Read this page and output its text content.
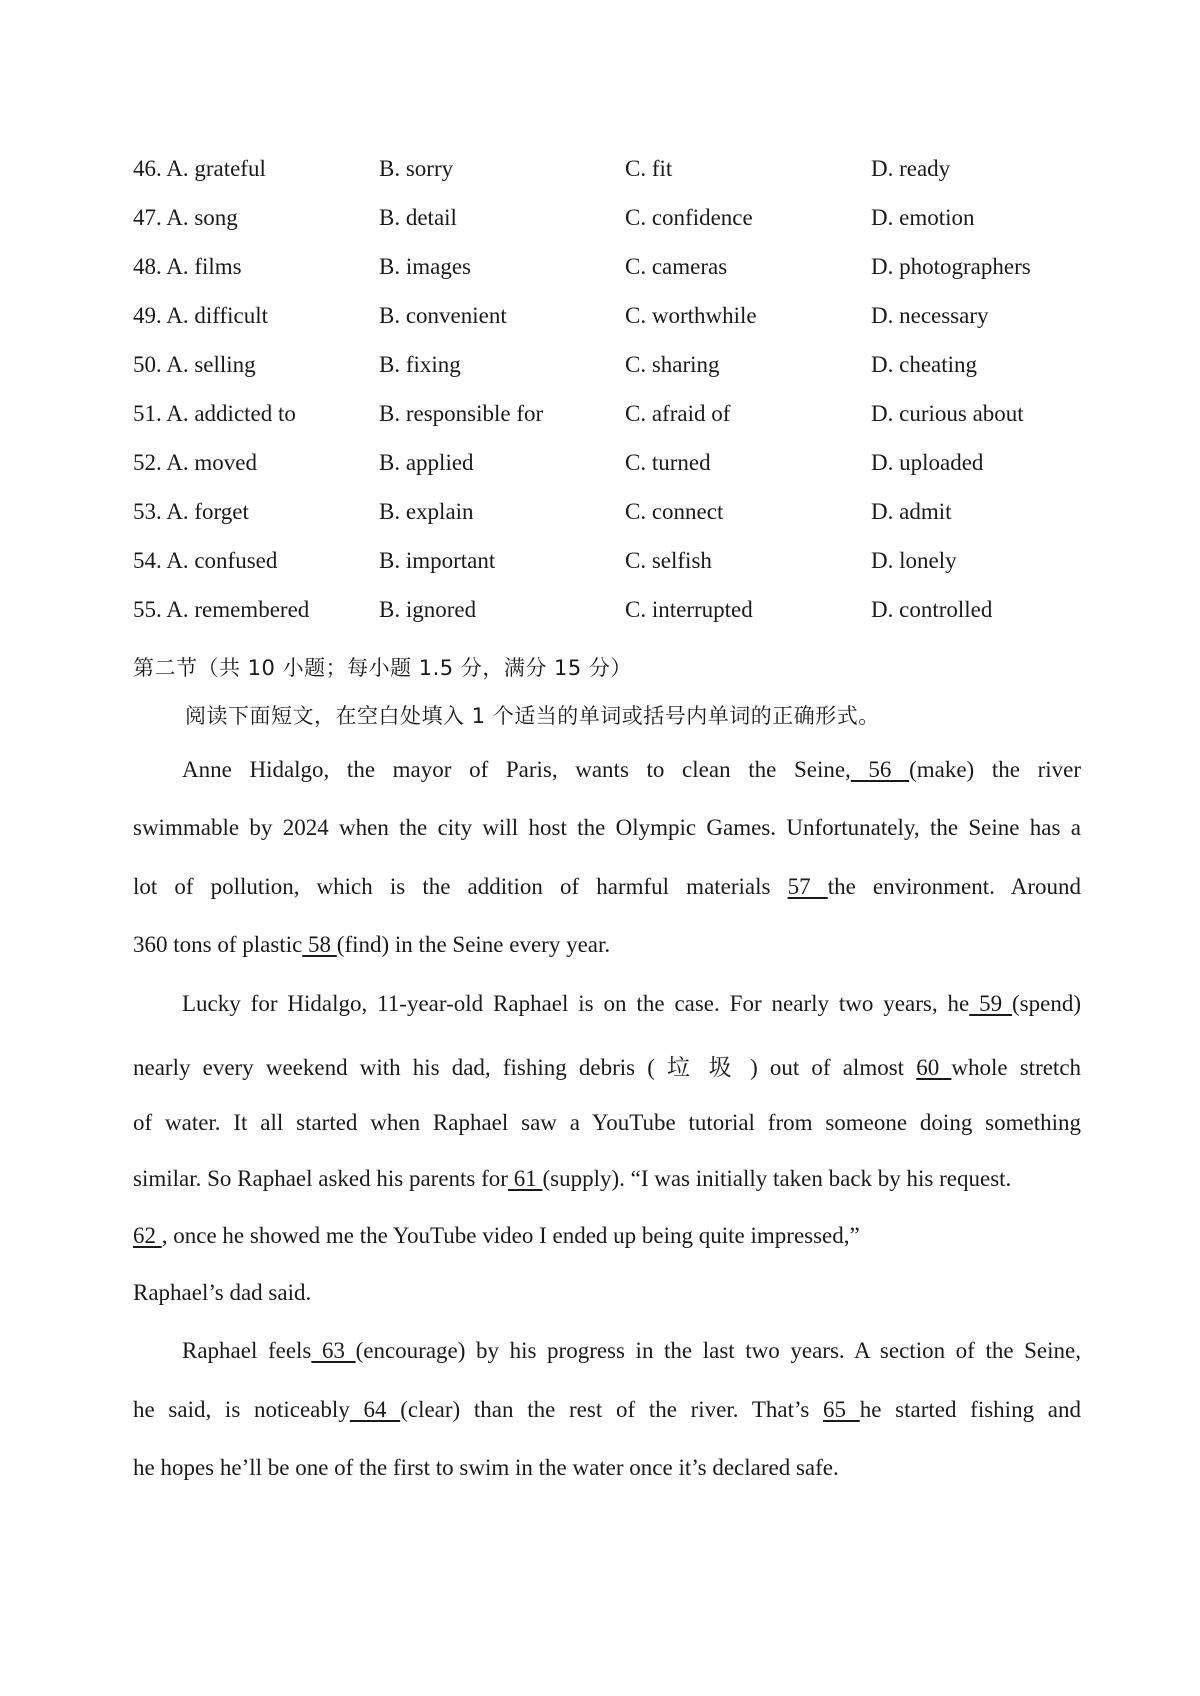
46. A. grateful	B. sorry	C. fit	D. ready
47. A. song	B. detail	C. confidence	D. emotion
48. A. films	B. images	C. cameras	D. photographers
49. A. difficult	B. convenient	C. worthwhile	D. necessary
50. A. selling	B. fixing	C. sharing	D. cheating
51. A. addicted to	B. responsible for	C. afraid of	D. curious about
52. A. moved	B. applied	C. turned	D. uploaded
53. A. forget	B. explain	C. connect	D. admit
54. A. confused	B. important	C. selfish	D. lonely
55. A. remembered	B. ignored	C. interrupted	D. controlled
第二节（共 10 小题；每小题 1.5 分，满分 15 分）
阅读下面短文，在空白处填入 1 个适当的单词或括号内单词的正确形式。
Anne Hidalgo, the mayor of Paris, wants to clean the Seine, 56 (make) the river
swimmable by 2024 when the city will host the Olympic Games. Unfortunately, the Seine has a
lot of pollution, which is the addition of harmful materials 57 the environment. Around
360 tons of plastic 58 (find) in the Seine every year.
Lucky for Hidalgo, 11-year-old Raphael is on the case. For nearly two years, he 59 (spend)
nearly every weekend with his dad, fishing debris ( 垃 圾 ) out of almost 60 whole stretch
of water. It all started when Raphael saw a YouTube tutorial from someone doing something
similar. So Raphael asked his parents for 61 (supply). “I was initially taken back by his request.
62 , once he showed me the YouTube video I ended up being quite impressed,”
Raphael’s dad said.
Raphael feels 63 (encourage) by his progress in the last two years. A section of the Seine,
he said, is noticeably 64 (clear) than the rest of the river. That’s 65 he started fishing and
he hopes he’ll be one of the first to swim in the water once it’s declared safe.
